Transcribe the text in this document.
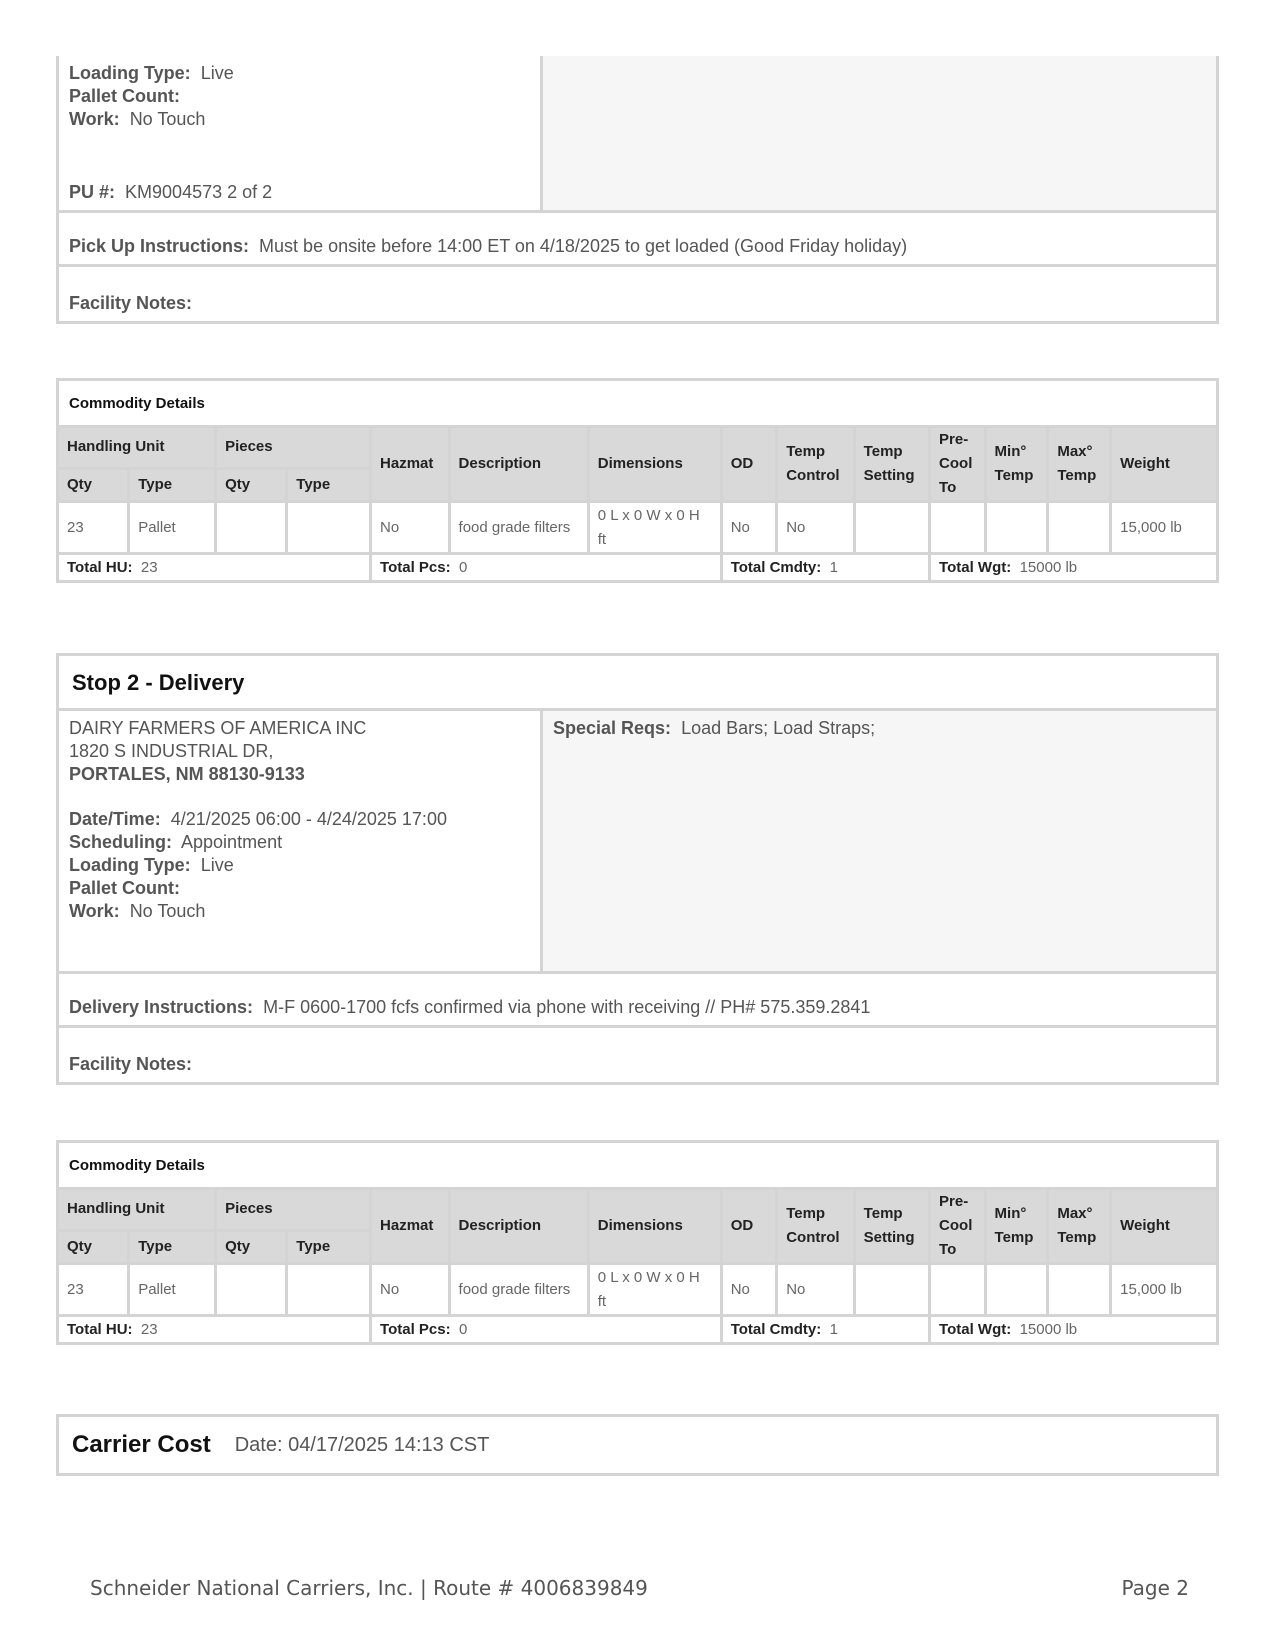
Loading Type: Live
Pallet Count:
Work: No Touch
PU #: KM9004573 2 of 2
Pick Up Instructions:
Must be onsite before 14:00 ET on 4/18/2025 to get loaded (Good Friday holiday)
Facility Notes:
Commodity Details													
Handling Unit		Pieces		Hazmat	Description	Dimensions	OD	Temp Control	Temp Setting	Pre-Cool To	Min° Temp	Max° Temp	Weight
Qty	Type	Qty	Type										
23	Pallet			No	food grade filters	0 L x 0 W x 0 H ft	No	No					15,000 lb
Total HU: 23				Total Pcs: 0			Total Cmdty: 1			Total Wgt: 15000 lb			
Stop 2 - Delivery
DAIRY FARMERS OF AMERICA INC
1820 S INDUSTRIAL DR,
PORTALES, NM 88130-9133
Date/Time: 4/21/2025 06:00 - 4/24/2025 17:00
Scheduling: Appointment
Loading Type: Live
Pallet Count:
Work: No Touch
Special Reqs: Load Bars; Load Straps;
Delivery Instructions:
M-F 0600-1700 fcfs confirmed via phone with receiving // PH# 575.359.2841
Facility Notes:
Commodity Details													
Handling Unit		Pieces		Hazmat	Description	Dimensions	OD	Temp Control	Temp Setting	Pre-Cool To	Min° Temp	Max° Temp	Weight
Qty	Type	Qty	Type										
23	Pallet			No	food grade filters	0 L x 0 W x 0 H ft	No	No					15,000 lb
Total HU: 23				Total Pcs: 0			Total Cmdty: 1			Total Wgt: 15000 lb			
Carrier Cost Date: 04/17/2025 14:13 CST
Schneider National Carriers, Inc. | Route # 4006839849	Page 2
